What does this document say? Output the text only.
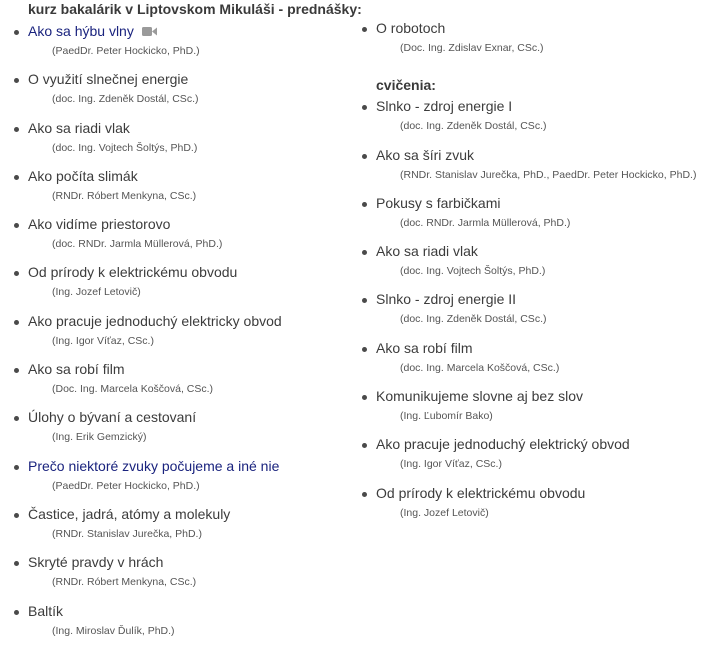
kurz bakalárik v Liptovskom Mikuláši - prednášky:
Ako sa hýbu vlny
(PaedDr. Peter Hockicko, PhD.)
O využití slnečnej energie
(doc. Ing. Zdeněk Dostál, CSc.)
Ako sa riadi vlak
(doc. Ing. Vojtech Šoltýs, PhD.)
Ako počíta slimák
(RNDr. Róbert Menkyna, CSc.)
Ako vidíme priestorovo
(doc. RNDr. Jarmla Müllerová, PhD.)
Od prírody k elektrickému obvodu
(Ing. Jozef Letovič)
Ako pracuje jednoduchý elektricky obvod
(Ing. Igor Víťaz, CSc.)
Ako sa robí film
(Doc. Ing. Marcela Koščová, CSc.)
Úlohy o bývaní a cestovaní
(Ing. Erik Gemzický)
Prečo niektoré zvuky počujeme a iné nie
(PaedDr. Peter Hockicko, PhD.)
Častice, jadrá, atómy a molekuly
(RNDr. Stanislav Jurečka, PhD.)
Skryté pravdy v hrách
(RNDr. Róbert Menkyna, CSc.)
Baltík
(Ing. Miroslav Ďulík, PhD.)
O robotoch
(Doc. Ing. Zdislav Exnar, CSc.)
cvičenia:
Slnko - zdroj energie I
(doc. Ing. Zdeněk Dostál, CSc.)
Ako sa šíri zvuk
(RNDr. Stanislav Jurečka, PhD., PaedDr. Peter Hockicko, PhD.)
Pokusy s farbičkami
(doc. RNDr. Jarmla Müllerová, PhD.)
Ako sa riadi vlak
(doc. Ing. Vojtech Šoltýs, PhD.)
Slnko - zdroj energie II
(doc. Ing. Zdeněk Dostál, CSc.)
Ako sa robí film
(doc. Ing. Marcela Koščová, CSc.)
Komunikujeme slovne aj bez slov
(Ing. Ľubomír Bako)
Ako pracuje jednoduchý elektrický obvod
(Ing. Igor Víťaz, CSc.)
Od prírody k elektrickému obvodu
(Ing. Jozef Letovič)
